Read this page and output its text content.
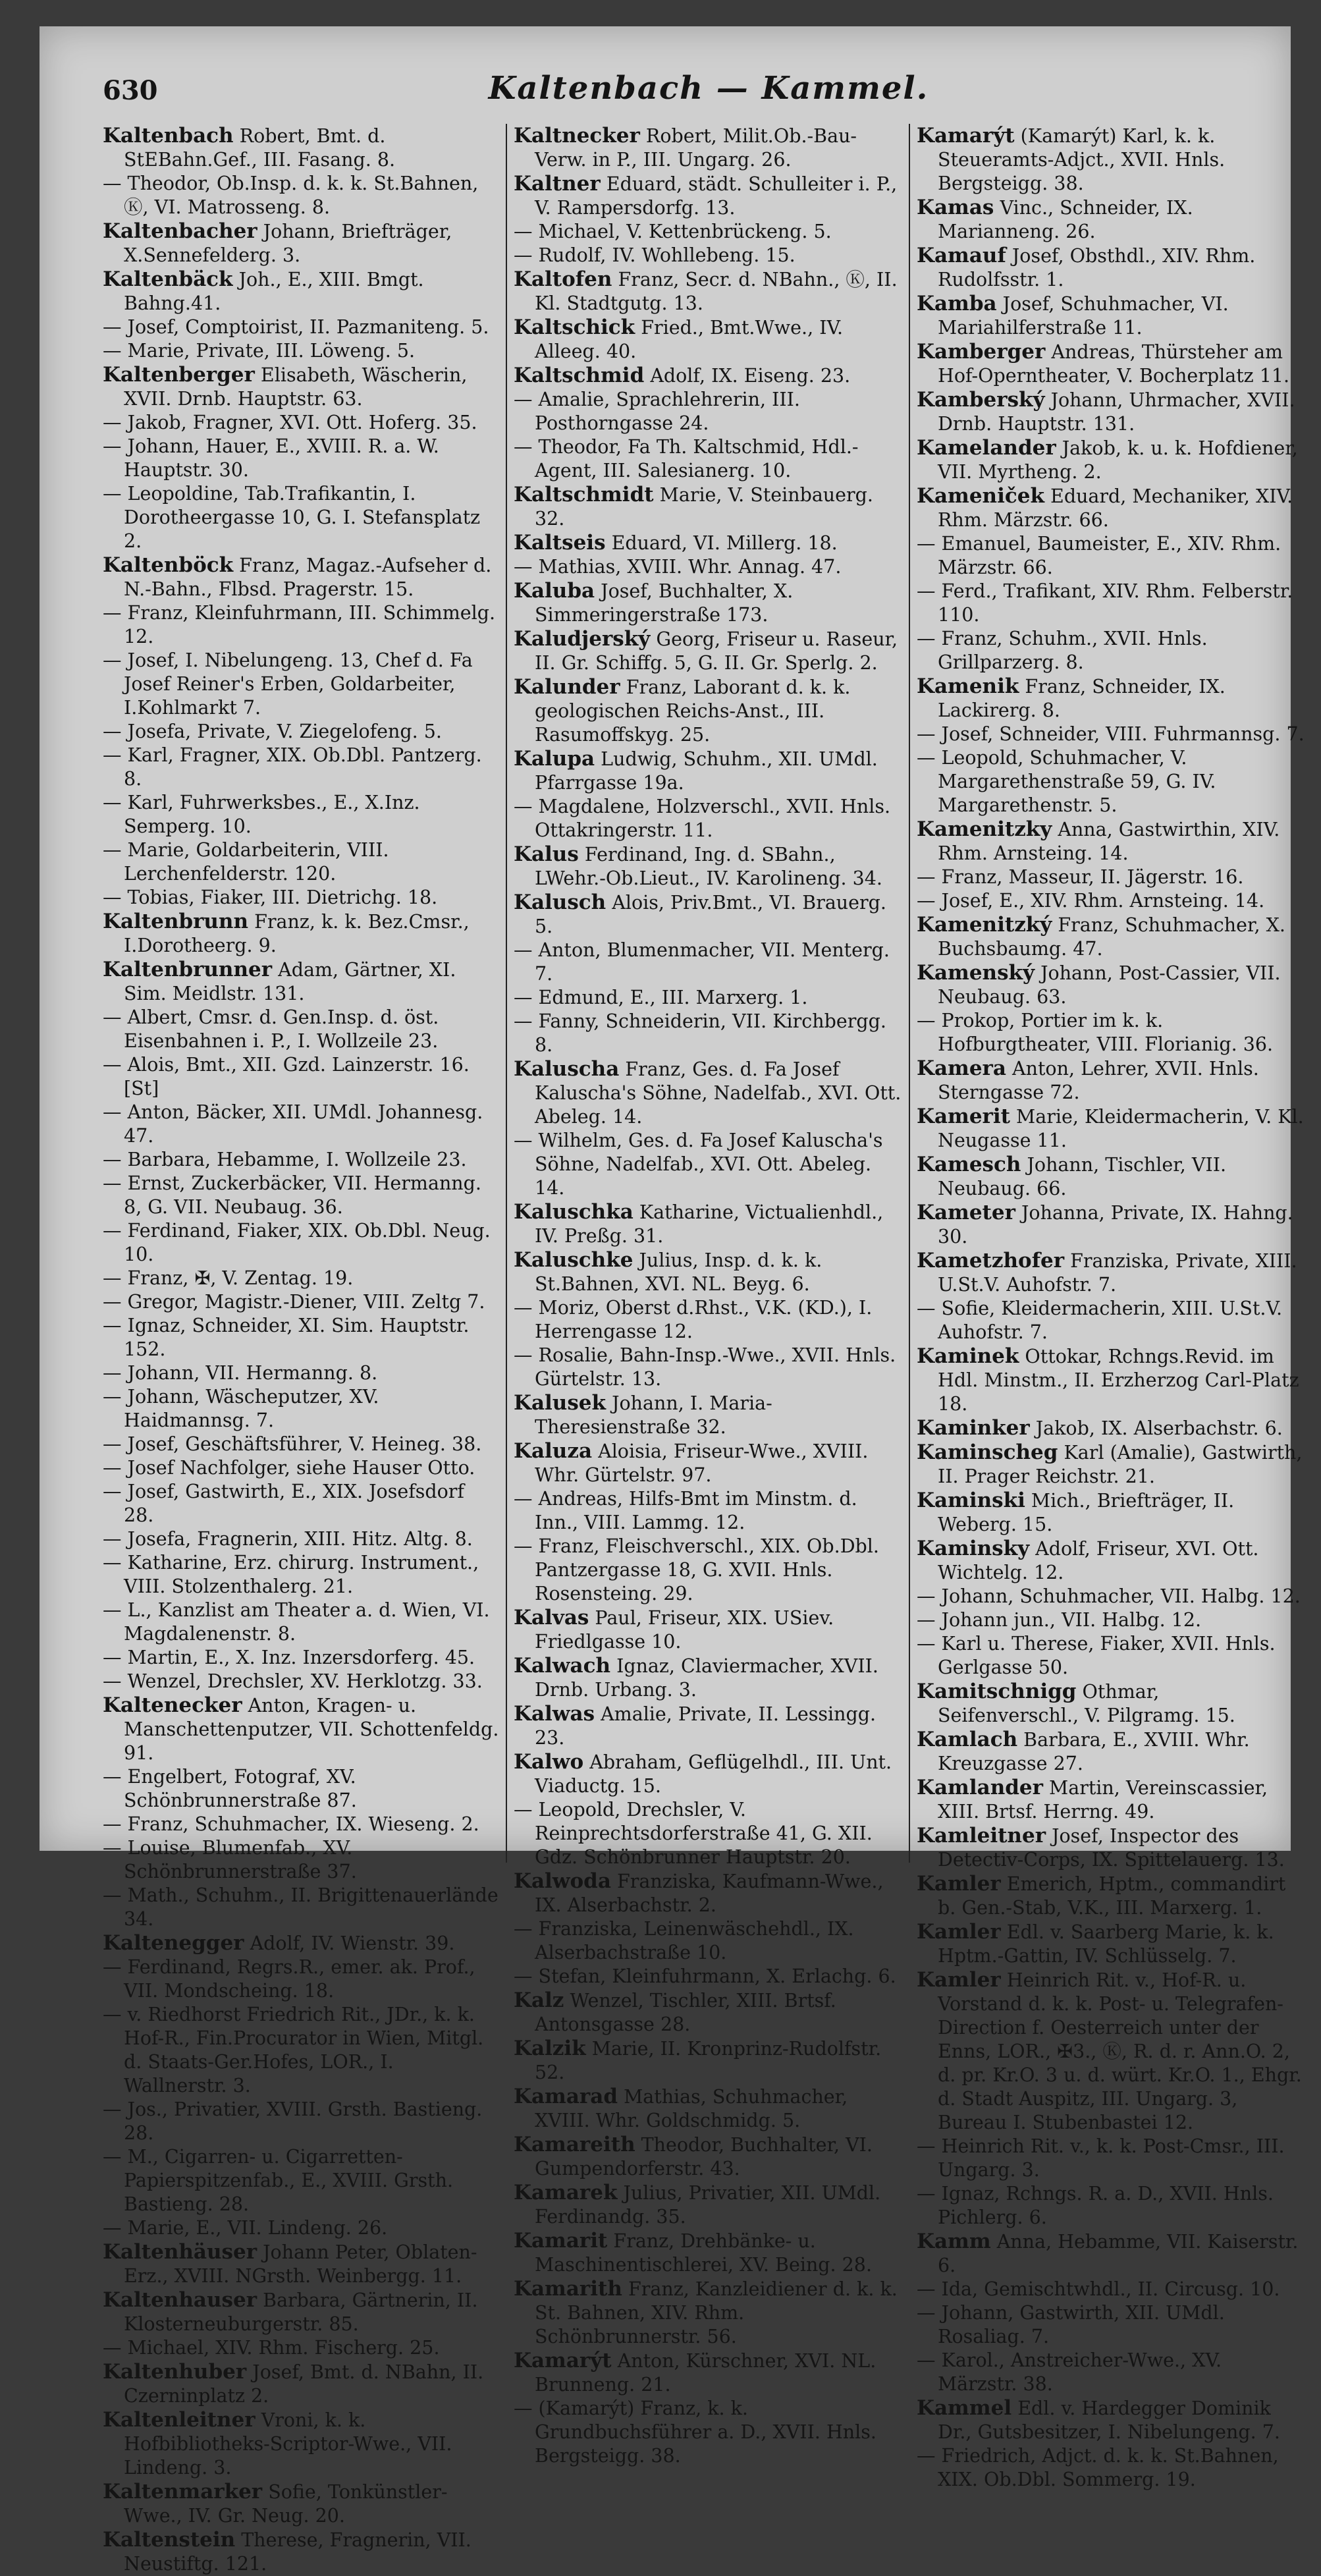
630	Kaltenbach — Kammel.

Kaltenbach Robert, Bmt. d. StEBahn.Gef., III. Fasang. 8.

— Theodor, Ob.Insp. d. k. k. St.Bahnen, Ⓚ, VI. Matrosseng. 8.

Kaltenbacher Johann, Briefträger, X.Sennefelderg. 3.

Kaltenbäck Joh., E., XIII. Bmgt. Bahng.41.

— Josef, Comptoirist, II. Pazmaniteng. 5.

— Marie, Private, III. Löweng. 5.

Kaltenberger Elisabeth, Wäscherin, XVII. Drnb. Hauptstr. 63.

— Jakob, Fragner, XVI. Ott. Hoferg. 35.

— Johann, Hauer, E., XVIII. R. a. W. Hauptstr. 30.

— Leopoldine, Tab.Trafikantin, I. Dorotheergasse 10, G. I. Stefansplatz 2.

Kaltenböck Franz, Magaz.-Aufseher d. N.-Bahn., Flbsd. Pragerstr. 15.

— Franz, Kleinfuhrmann, III. Schimmelg. 12.

— Josef, I. Nibelungeng. 13, Chef d. Fa Josef Reiner's Erben, Goldarbeiter, I.Kohlmarkt 7.

— Josefa, Private, V. Ziegelofeng. 5.

— Karl, Fragner, XIX. Ob.Dbl. Pantzerg. 8.

— Karl, Fuhrwerksbes., E., X.Inz. Semperg. 10.

— Marie, Goldarbeiterin, VIII. Lerchenfelderstr. 120.

— Tobias, Fiaker, III. Dietrichg. 18.

Kaltenbrunn Franz, k. k. Bez.Cmsr., I.Dorotheerg. 9.

Kaltenbrunner Adam, Gärtner, XI. Sim. Meidlstr. 131.

— Albert, Cmsr. d. Gen.Insp. d. öst. Eisenbahnen i. P., I. Wollzeile 23.

— Alois, Bmt., XII. Gzd. Lainzerstr. 16. [St]

— Anton, Bäcker, XII. UMdl. Johannesg. 47.

— Barbara, Hebamme, I. Wollzeile 23.

— Ernst, Zuckerbäcker, VII. Hermanng. 8, G. VII. Neubaug. 36.

— Ferdinand, Fiaker, XIX. Ob.Dbl. Neug. 10.

— Franz, ✠, V. Zentag. 19.

— Gregor, Magistr.-Diener, VIII. Zeltg 7.

— Ignaz, Schneider, XI. Sim. Hauptstr. 152.

— Johann, VII. Hermanng. 8.

— Johann, Wäscheputzer, XV. Haidmannsg. 7.

— Josef, Geschäftsführer, V. Heineg. 38.

— Josef Nachfolger, siehe Hauser Otto.

— Josef, Gastwirth, E., XIX. Josefsdorf 28.

— Josefa, Fragnerin, XIII. Hitz. Altg. 8.

— Katharine, Erz. chirurg. Instrument., VIII. Stolzenthalerg. 21.

— L., Kanzlist am Theater a. d. Wien, VI. Magdalenenstr. 8.

— Martin, E., X. Inz. Inzersdorferg. 45.

— Wenzel, Drechsler, XV. Herklotzg. 33.

Kaltenecker Anton, Kragen- u. Manschettenputzer, VII. Schottenfeldg. 91.

— Engelbert, Fotograf, XV. Schönbrunnerstraße 87.

— Franz, Schuhmacher, IX. Wieseng. 2.

— Louise, Blumenfab., XV. Schönbrunnerstraße 37.

— Math., Schuhm., II. Brigittenauerlände 34.

Kaltenegger Adolf, IV. Wienstr. 39.

— Ferdinand, Regrs.R., emer. ak. Prof., VII. Mondscheing. 18.

— v. Riedhorst Friedrich Rit., JDr., k. k. Hof-R., Fin.Procurator in Wien, Mitgl. d. Staats-Ger.Hofes, LOR., I. Wallnerstr. 3.

— Jos., Privatier, XVIII. Grsth. Bastieng. 28.

— M., Cigarren- u. Cigarretten-Papierspitzenfab., E., XVIII. Grsth. Bastieng. 28.

— Marie, E., VII. Lindeng. 26.

Kaltenhäuser Johann Peter, Oblaten-Erz., XVIII. NGrsth. Weinbergg. 11.

Kaltenhauser Barbara, Gärtnerin, II. Klosterneuburgerstr. 85.

— Michael, XIV. Rhm. Fischerg. 25.

Kaltenhuber Josef, Bmt. d. NBahn, II. Czerninplatz 2.

Kaltenleitner Vroni, k. k. Hofbibliotheks-Scriptor-Wwe., VII. Lindeng. 3.

Kaltenmarker Sofie, Tonkünstler-Wwe., IV. Gr. Neug. 20.

Kaltenstein Therese, Fragnerin, VII. Neustiftg. 121.

Kaltnecker Robert, Milit.Ob.-Bau-Verw. in P., III. Ungarg. 26.

Kaltner Eduard, städt. Schulleiter i. P., V. Rampersdorfg. 13.

— Michael, V. Kettenbrückeng. 5.

— Rudolf, IV. Wohllebeng. 15.

Kaltofen Franz, Secr. d. NBahn., Ⓚ, II. Kl. Stadtgutg. 13.

Kaltschick Fried., Bmt.Wwe., IV. Alleeg. 40.

Kaltschmid Adolf, IX. Eiseng. 23.

— Amalie, Sprachlehrerin, III. Posthorngasse 24.

— Theodor, Fa Th. Kaltschmid, Hdl.-Agent, III. Salesianerg. 10.

Kaltschmidt Marie, V. Steinbauerg. 32.

Kaltseis Eduard, VI. Millerg. 18.

— Mathias, XVIII. Whr. Annag. 47.

Kaluba Josef, Buchhalter, X. Simmeringerstraße 173.

Kaludjerský Georg, Friseur u. Raseur, II. Gr. Schiffg. 5, G. II. Gr. Sperlg. 2.

Kalunder Franz, Laborant d. k. k. geologischen Reichs-Anst., III. Rasumoffskyg. 25.

Kalupa Ludwig, Schuhm., XII. UMdl. Pfarrgasse 19a.

— Magdalene, Holzverschl., XVII. Hnls. Ottakringerstr. 11.

Kalus Ferdinand, Ing. d. SBahn., LWehr.-Ob.Lieut., IV. Karolineng. 34.

Kalusch Alois, Priv.Bmt., VI. Brauerg. 5.

— Anton, Blumenmacher, VII. Menterg. 7.

— Edmund, E., III. Marxerg. 1.

— Fanny, Schneiderin, VII. Kirchbergg. 8.

Kaluscha Franz, Ges. d. Fa Josef Kaluscha's Söhne, Nadelfab., XVI. Ott. Abeleg. 14.

— Wilhelm, Ges. d. Fa Josef Kaluscha's Söhne, Nadelfab., XVI. Ott. Abeleg. 14.

Kaluschka Katharine, Victualienhdl., IV. Preßg. 31.

Kaluschke Julius, Insp. d. k. k. St.Bahnen, XVI. NL. Beyg. 6.

— Moriz, Oberst d.Rhst., V.K. (KD.), I. Herrengasse 12.

— Rosalie, Bahn-Insp.-Wwe., XVII. Hnls. Gürtelstr. 13.

Kalusek Johann, I. Maria-Theresienstraße 32.

Kaluza Aloisia, Friseur-Wwe., XVIII. Whr. Gürtelstr. 97.

— Andreas, Hilfs-Bmt im Minstm. d. Inn., VIII. Lammg. 12.

— Franz, Fleischverschl., XIX. Ob.Dbl. Pantzergasse 18, G. XVII. Hnls. Rosensteing. 29.

Kalvas Paul, Friseur, XIX. USiev. Friedlgasse 10.

Kalwach Ignaz, Claviermacher, XVII. Drnb. Urbang. 3.

Kalwas Amalie, Private, II. Lessingg. 23.

Kalwo Abraham, Geflügelhdl., III. Unt. Viaductg. 15.

— Leopold, Drechsler, V. Reinprechtsdorferstraße 41, G. XII. Gdz. Schönbrunner Hauptstr. 20.

Kalwoda Franziska, Kaufmann-Wwe., IX. Alserbachstr. 2.

— Franziska, Leinenwäschehdl., IX. Alserbachstraße 10.

— Stefan, Kleinfuhrmann, X. Erlachg. 6.

Kalz Wenzel, Tischler, XIII. Brtsf. Antonsgasse 28.

Kalzik Marie, II. Kronprinz-Rudolfstr. 52.

Kamarad Mathias, Schuhmacher, XVIII. Whr. Goldschmidg. 5.

Kamareith Theodor, Buchhalter, VI. Gumpendorferstr. 43.

Kamarek Julius, Privatier, XII. UMdl. Ferdinandg. 35.

Kamarit Franz, Drehbänke- u. Maschinentischlerei, XV. Being. 28.

Kamarith Franz, Kanzleidiener d. k. k. St. Bahnen, XIV. Rhm. Schönbrunnerstr. 56.

Kamarýt Anton, Kürschner, XVI. NL. Brunneng. 21.

— (Kamarýt) Franz, k. k. Grundbuchsführer a. D., XVII. Hnls. Bergsteigg. 38.

Kamarýt (Kamarýt) Karl, k. k. Steueramts-Adjct., XVII. Hnls. Bergsteigg. 38.

Kamas Vinc., Schneider, IX. Marianneng. 26.

Kamauf Josef, Obsthdl., XIV. Rhm. Rudolfsstr. 1.

Kamba Josef, Schuhmacher, VI. Mariahilferstraße 11.

Kamberger Andreas, Thürsteher am Hof-Operntheater, V. Bocherplatz 11.

Kamberský Johann, Uhrmacher, XVII. Drnb. Hauptstr. 131.

Kamelander Jakob, k. u. k. Hofdiener, VII. Myrtheng. 2.

Kameniček Eduard, Mechaniker, XIV. Rhm. Märzstr. 66.

— Emanuel, Baumeister, E., XIV. Rhm. Märzstr. 66.

— Ferd., Trafikant, XIV. Rhm. Felberstr. 110.

— Franz, Schuhm., XVII. Hnls. Grillparzerg. 8.

Kamenik Franz, Schneider, IX. Lackirerg. 8.

— Josef, Schneider, VIII. Fuhrmannsg. 7.

— Leopold, Schuhmacher, V. Margarethenstraße 59, G. IV. Margarethenstr. 5.

Kamenitzky Anna, Gastwirthin, XIV. Rhm. Arnsteing. 14.

— Franz, Masseur, II. Jägerstr. 16.

— Josef, E., XIV. Rhm. Arnsteing. 14.

Kamenitzký Franz, Schuhmacher, X. Buchsbaumg. 47.

Kamenský Johann, Post-Cassier, VII. Neubaug. 63.

— Prokop, Portier im k. k. Hofburgtheater, VIII. Florianig. 36.

Kamera Anton, Lehrer, XVII. Hnls. Sterngasse 72.

Kamerit Marie, Kleidermacherin, V. Kl. Neugasse 11.

Kamesch Johann, Tischler, VII. Neubaug. 66.

Kameter Johanna, Private, IX. Hahng. 30.

Kametzhofer Franziska, Private, XIII. U.St.V. Auhofstr. 7.

— Sofie, Kleidermacherin, XIII. U.St.V. Auhofstr. 7.

Kaminek Ottokar, Rchngs.Revid. im Hdl. Minstm., II. Erzherzog Carl-Platz 18.

Kaminker Jakob, IX. Alserbachstr. 6.

Kaminscheg Karl (Amalie), Gastwirth, II. Prager Reichstr. 21.

Kaminski Mich., Briefträger, II. Weberg. 15.

Kaminsky Adolf, Friseur, XVI. Ott. Wichtelg. 12.

— Johann, Schuhmacher, VII. Halbg. 12.

— Johann jun., VII. Halbg. 12.

— Karl u. Therese, Fiaker, XVII. Hnls. Gerlgasse 50.

Kamitschnigg Othmar, Seifenverschl., V. Pilgramg. 15.

Kamlach Barbara, E., XVIII. Whr. Kreuzgasse 27.

Kamlander Martin, Vereinscassier, XIII. Brtsf. Herrng. 49.

Kamleitner Josef, Inspector des Detectiv-Corps, IX. Spittelauerg. 13.

Kamler Emerich, Hptm., commandirt b. Gen.-Stab, V.K., III. Marxerg. 1.

Kamler Edl. v. Saarberg Marie, k. k. Hptm.-Gattin, IV. Schlüsselg. 7.

Kamler Heinrich Rit. v., Hof-R. u. Vorstand d. k. k. Post- u. Telegrafen-Direction f. Oesterreich unter der Enns, LOR., ✠3., Ⓚ, R. d. r. Ann.O. 2, d. pr. Kr.O. 3 u. d. würt. Kr.O. 1., Ehgr. d. Stadt Auspitz, III. Ungarg. 3, Bureau I. Stubenbastei 12.

— Heinrich Rit. v., k. k. Post-Cmsr., III. Ungarg. 3.

— Ignaz, Rchngs. R. a. D., XVII. Hnls. Pichlerg. 6.

Kamm Anna, Hebamme, VII. Kaiserstr. 6.

— Ida, Gemischtwhdl., II. Circusg. 10.

— Johann, Gastwirth, XII. UMdl. Rosaliag. 7.

— Karol., Anstreicher-Wwe., XV. Märzstr. 38.

Kammel Edl. v. Hardegger Dominik Dr., Gutsbesitzer, I. Nibelungeng. 7.

— Friedrich, Adjct. d. k. k. St.Bahnen, XIX. Ob.Dbl. Sommerg. 19.
